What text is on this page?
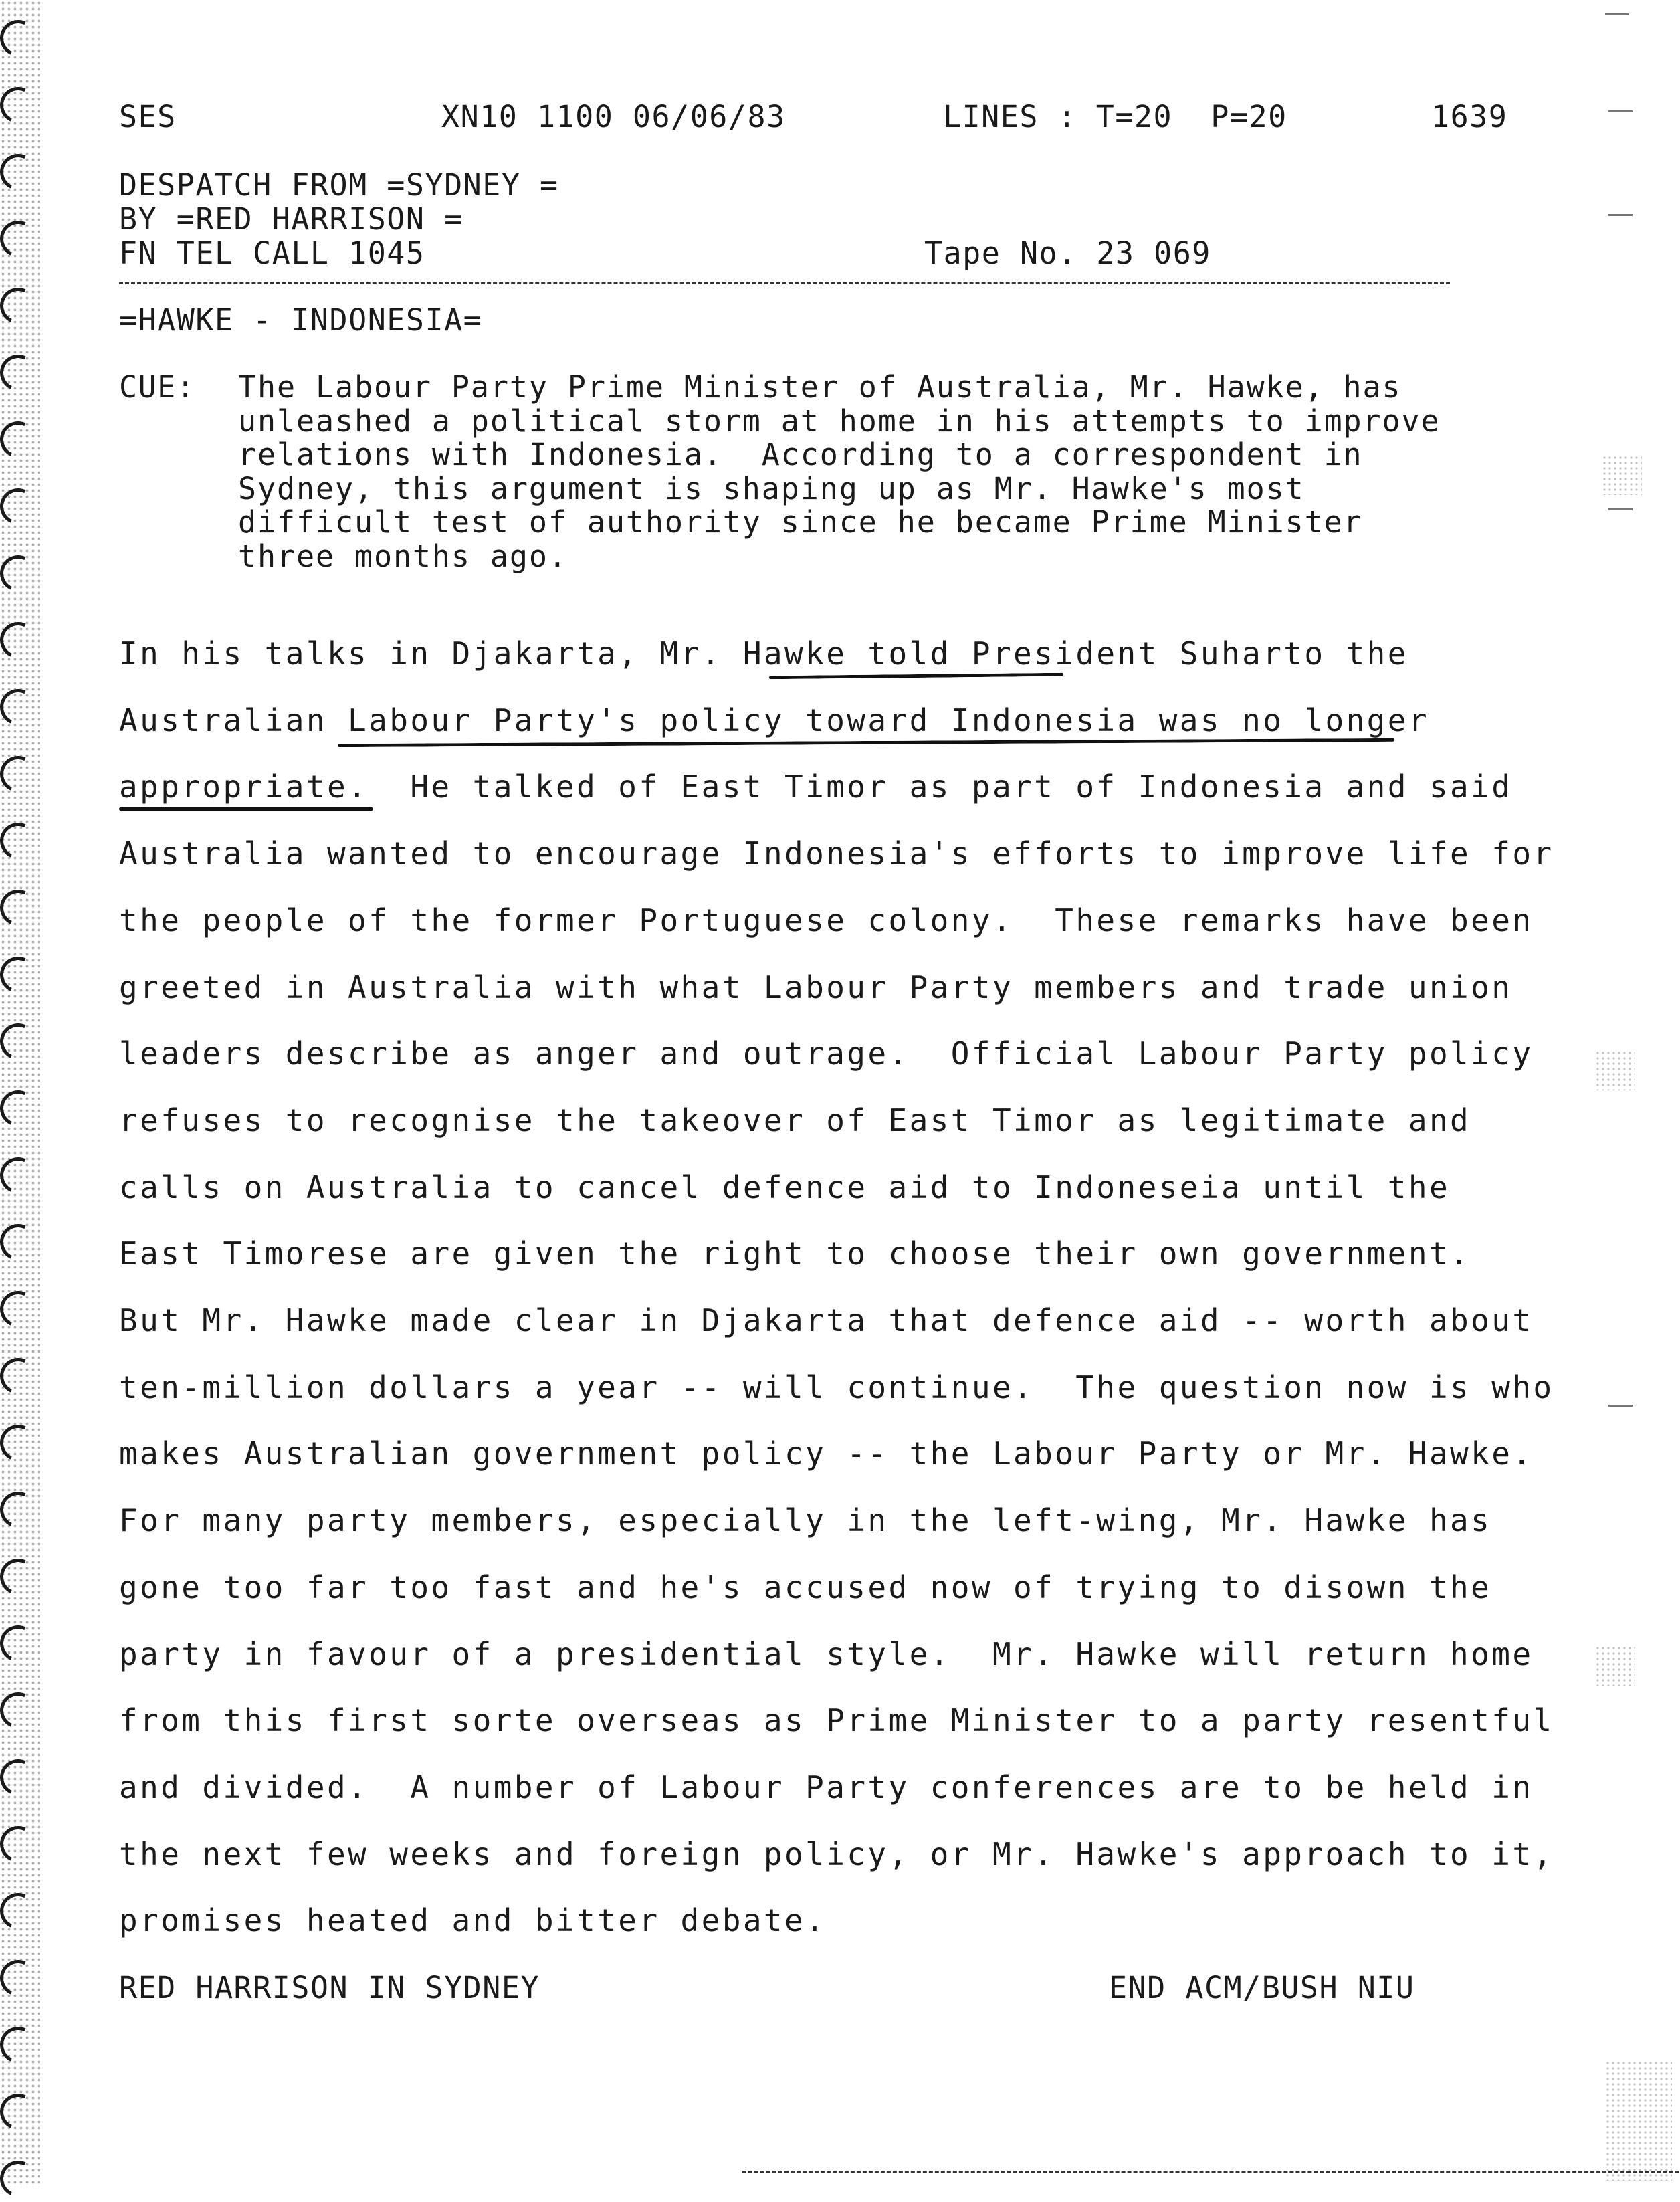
SES	XN10 1100 06/06/83	LINES : T=20  P=20	1639
DESPATCH FROM =SYDNEY =
BY =RED HARRISON =
FN TEL CALL 1045	Tape No. 23 069
=HAWKE - INDONESIA=
CUE: The Labour Party Prime Minister of Australia, Mr. Hawke, has
unleashed a political storm at home in his attempts to improve
relations with Indonesia.  According to a correspondent in
Sydney, this argument is shaping up as Mr. Hawke's most
difficult test of authority since he became Prime Minister
three months ago.
In his talks in Djakarta, Mr. Hawke told President Suharto the
Australian Labour Party's policy toward Indonesia was no longer
appropriate.  He talked of East Timor as part of Indonesia and said
Australia wanted to encourage Indonesia's efforts to improve life for
the people of the former Portuguese colony.  These remarks have been
greeted in Australia with what Labour Party members and trade union
leaders describe as anger and outrage.  Official Labour Party policy
refuses to recognise the takeover of East Timor as legitimate and
calls on Australia to cancel defence aid to Indoneseia until the
East Timorese are given the right to choose their own government.
But Mr. Hawke made clear in Djakarta that defence aid -- worth about
ten-million dollars a year -- will continue.  The question now is who
makes Australian government policy -- the Labour Party or Mr. Hawke.
For many party members, especially in the left-wing, Mr. Hawke has
gone too far too fast and he's accused now of trying to disown the
party in favour of a presidential style.  Mr. Hawke will return home
from this first sorte overseas as Prime Minister to a party resentful
and divided.  A number of Labour Party conferences are to be held in
the next few weeks and foreign policy, or Mr. Hawke's approach to it,
promises heated and bitter debate.
RED HARRISON IN SYDNEY	END ACM/BUSH NIU
